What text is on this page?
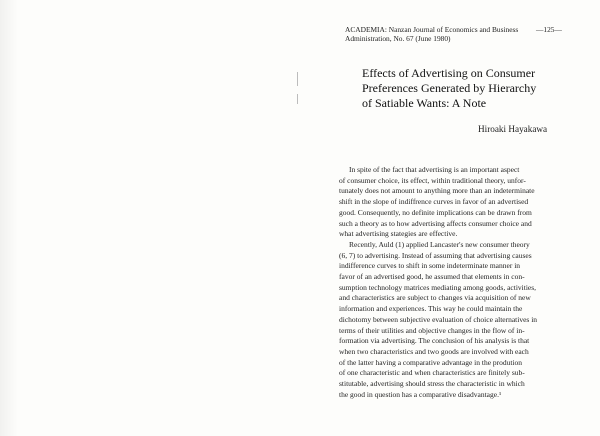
ACADEMIA: Nanzan Journal of Economics and Business
Administration, No. 67 (June 1980)
—125—
Effects of Advertising on Consumer
Preferences Generated by Hierarchy
of Satiable Wants: A Note
Hiroaki Hayakawa
In spite of the fact that advertising is an important aspect
of consumer choice, its effect, within traditional theory, unfor-
tunately does not amount to anything more than an indeterminate
shift in the slope of indiffrence curves in favor of an advertised
good. Consequently, no definite implications can be drawn from
such a theory as to how advertising affects consumer choice and
what advertising stategies are effective.
Recently, Auld (1) applied Lancaster's new consumer theory
(6, 7) to advertising. Instead of assuming that advertising causes
indifference curves to shift in some indeterminate manner in
favor of an advertised good, he assumed that elements in con-
sumption technology matrices mediating among goods, activities,
and characteristics are subject to changes via acquisition of new
information and experiences. This way he could maintain the
dichotomy between subjective evaluation of choice alternatives in
terms of their utilities and objective changes in the flow of in-
formation via advertising. The conclusion of his analysis is that
when two characteristics and two goods are involved with each
of the latter having a comparative advantage in the prodution
of one characteristic and when characteristics are finitely sub-
stitutable, advertising should stress the characteristic in which
the good in question has a comparative disadvantage.¹
